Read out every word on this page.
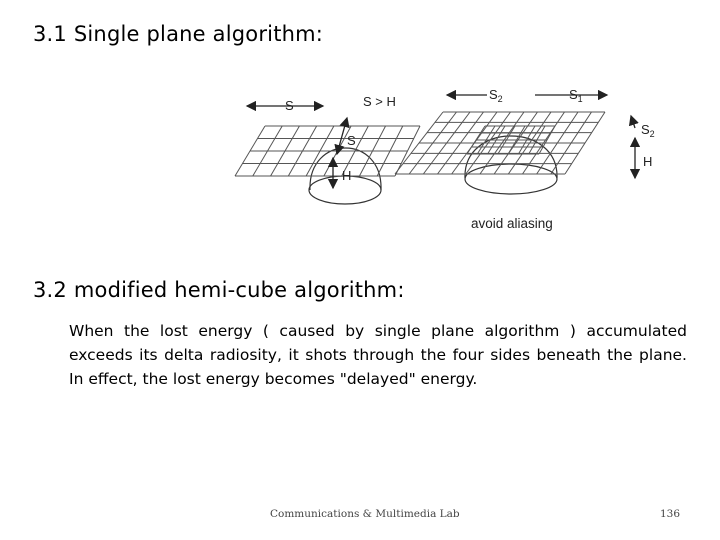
3.1 Single plane algorithm:
S	S > H
S
H
$S_2$	$S_1$
$S_2$
H
avoid aliasing
3.2 modified hemi-cube algorithm:

When the lost energy ( caused by single plane algorithm ) accumulated exceeds its delta radiosity, it shots through the four sides beneath the plane. In effect, the lost energy becomes "delayed" energy.

Communications & Multimedia Lab	136
